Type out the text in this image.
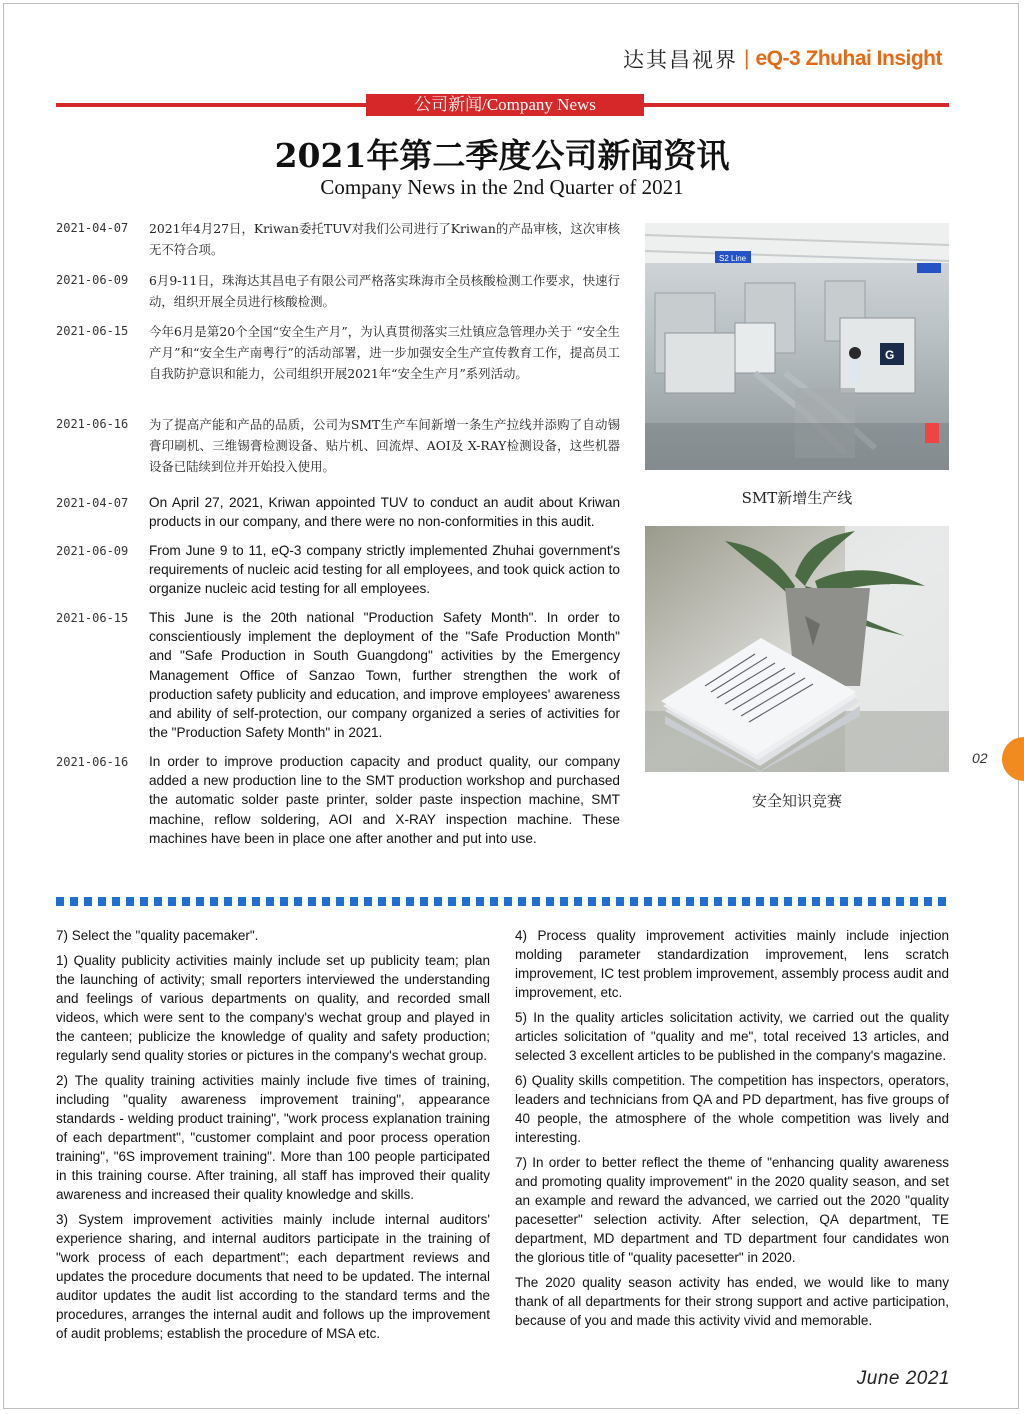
达其昌视界 | eQ-3 Zhuhai Insight
公司新闻/Company News
2021年第二季度公司新闻资讯
Company News in the 2nd Quarter of 2021
2021-04-07	2021年4月27日，Kriwan委托TUV对我们公司进行了Kriwan的产品审核，这次审核无不符合项。
2021-06-09	6月9-11日，珠海达其昌电子有限公司严格落实珠海市全员核酸检测工作要求，快速行动，组织开展全员进行核酸检测。
2021-06-15	今年6月是第20个全国“安全生产月”，为认真贯彻落实三灶镇应急管理办关于 “安全生产月”和“安全生产南粤行”的活动部署，进一步加强安全生产宣传教育工作，提高员工自我防护意识和能力，公司组织开展2021年“安全生产月”系列活动。
2021-06-16	为了提高产能和产品的品质，公司为SMT生产车间新增一条生产拉线并添购了自动锡膏印刷机、三维锡膏检测设备、贴片机、回流焊、AOI及 X-RAY检测设备，这些机器设备已陆续到位并开始投入使用。
2021-04-07	On April 27, 2021, Kriwan appointed TUV to conduct an audit about Kriwan products in our company, and there were no non-conformities in this audit.
2021-06-09	From June 9 to 11, eQ-3 company strictly implemented Zhuhai government's requirements of nucleic acid testing for all employees, and took quick action to organize nucleic acid testing for all employees.
2021-06-15	This June is the 20th national "Production Safety Month". In order to conscientiously implement the deployment of the "Safe Production Month" and "Safe Production in South Guangdong" activities by the Emergency Management Office of Sanzao Town, further strengthen the work of production safety publicity and education, and improve employees' awareness and ability of self-protection, our company organized a series of activities for the "Production Safety Month" in 2021.
2021-06-16	In order to improve production capacity and product quality, our company added a new production line to the SMT production workshop and purchased the automatic solder paste printer, solder paste inspection machine, SMT machine, reflow soldering, AOI and X-RAY inspection machine. These machines have been in place one after another and put into use.
S2 Line
G
SMT新增生产线
安全知识竞赛

7) Select the "quality pacemaker".

1) Quality publicity activities mainly include set up publicity team; plan the launching of activity; small reporters interviewed the understanding and feelings of various departments on quality, and recorded small videos, which were sent to the company's wechat group and played in the canteen; publicize the knowledge of quality and safety production; regularly send quality stories or pictures in the company's wechat group.

2) The quality training activities mainly include five times of training, including "quality awareness improvement training", appearance standards - welding product training", "work process explanation training of each department", "customer complaint and poor process operation training", "6S improvement training". More than 100 people participated in this training course. After training, all staff has improved their quality awareness and increased their quality knowledge and skills.

3) System improvement activities mainly include internal auditors' experience sharing, and internal auditors participate in the training of "work process of each department"; each department reviews and updates the procedure documents that need to be updated. The internal auditor updates the audit list according to the standard terms and the procedures, arranges the internal audit and follows up the improvement of audit problems; establish the procedure of MSA etc.

4) Process quality improvement activities mainly include injection molding parameter standardization improvement, lens scratch improvement, IC test problem improvement, assembly process audit and improvement, etc.

5) In the quality articles solicitation activity, we carried out the quality articles solicitation of "quality and me", total received 13 articles, and selected 3 excellent articles to be published in the company's magazine.

6) Quality skills competition. The competition has inspectors, operators, leaders and technicians from QA and PD department, has five groups of 40 people, the atmosphere of the whole competition was lively and interesting.

7) In order to better reflect the theme of "enhancing quality awareness and promoting quality improvement" in the 2020 quality season, and set an example and reward the advanced, we carried out the 2020 "quality pacesetter" selection activity. After selection, QA department, TE department, MD department and TD department four candidates won the glorious title of "quality pacesetter" in 2020.

The 2020 quality season activity has ended, we would like to many thank of all departments for their strong support and active participation, because of you and made this activity vivid and memorable.

02
June 2021
